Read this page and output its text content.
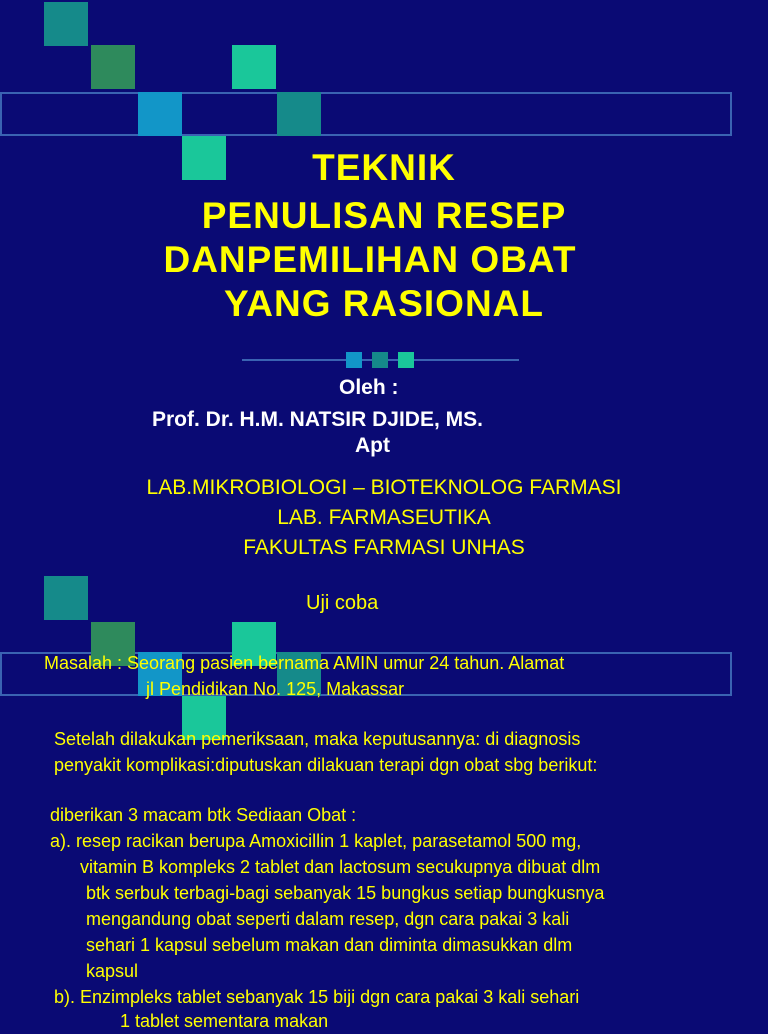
TEKNIK
PENULISAN RESEP
DANPEMILIHAN OBAT
YANG RASIONAL
Oleh :
Prof. Dr. H.M. NATSIR DJIDE, MS.
Apt
LAB.MIKROBIOLOGI – BIOTEKNOLOG FARMASI
LAB. FARMASEUTIKA
FAKULTAS FARMASI UNHAS
Uji coba
Masalah : Seorang pasien bernama AMIN umur 24 tahun. Alamat
jl Pendidikan No. 125, Makassar
Setelah dilakukan pemeriksaan, maka keputusannya: di diagnosis
penyakit komplikasi:diputuskan dilakuan terapi dgn obat sbg berikut:
diberikan 3 macam btk Sediaan Obat :
a). resep racikan berupa Amoxicillin 1 kaplet, parasetamol 500 mg,
vitamin B kompleks 2 tablet dan lactosum secukupnya dibuat dlm
btk serbuk terbagi-bagi sebanyak 15 bungkus setiap bungkusnya
mengandung obat seperti dalam resep, dgn cara pakai 3 kali
sehari 1 kapsul sebelum makan dan diminta dimasukkan dlm
kapsul
b). Enzimpleks tablet sebanyak 15 biji dgn cara pakai 3 kali sehari
1 tablet sementara makan
